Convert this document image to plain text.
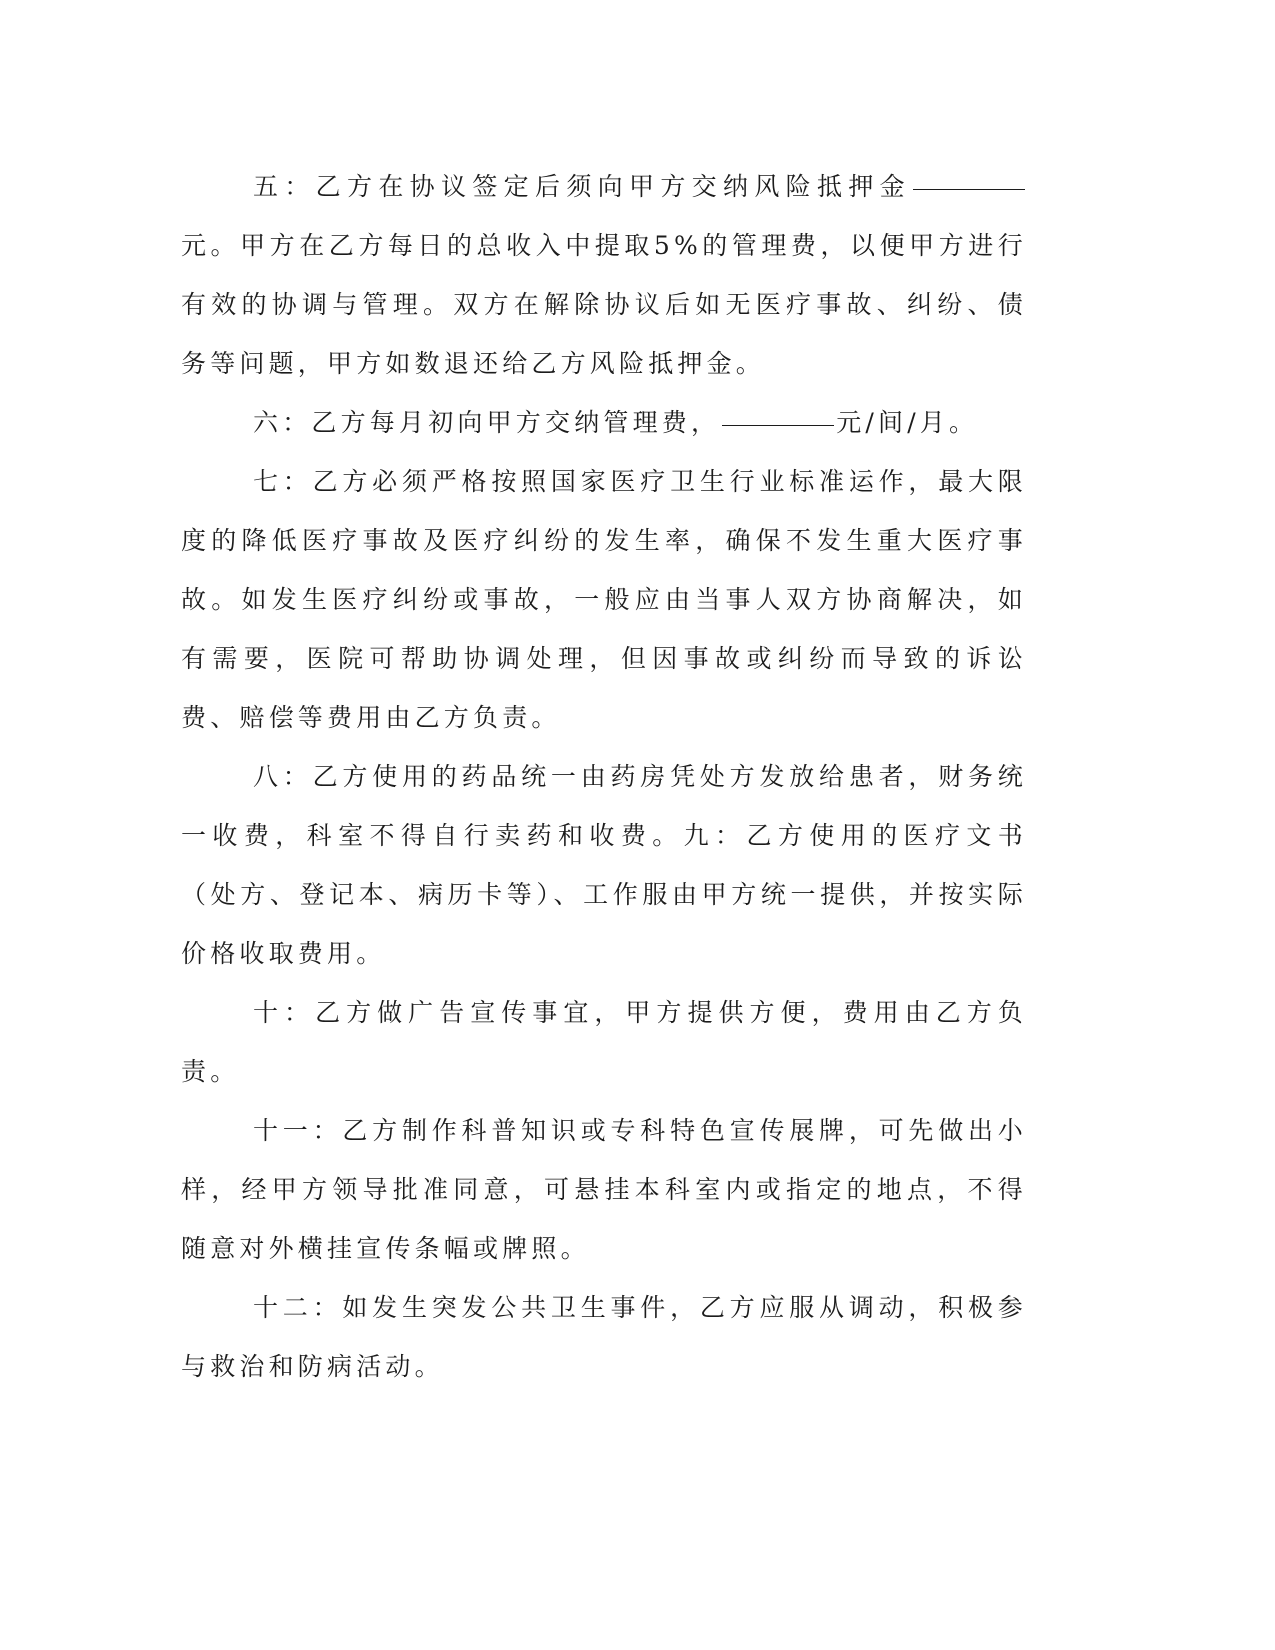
五：乙方在协议签定后须向甲方交纳风险抵押金元。甲方在乙方每日的总收入中提取5%的管理费，以便甲方进行有效的协调与管理。双方在解除协议后如无医疗事故、纠纷、债务等问题，甲方如数退还给乙方风险抵押金。

六：乙方每月初向甲方交纳管理费，	元/间/月。

七：乙方必须严格按照国家医疗卫生行业标准运作，最大限度的降低医疗事故及医疗纠纷的发生率，确保不发生重大医疗事故。如发生医疗纠纷或事故，一般应由当事人双方协商解决，如有需要，医院可帮助协调处理，但因事故或纠纷而导致的诉讼费、赔偿等费用由乙方负责。

八：乙方使用的药品统一由药房凭处方发放给患者，财务统一收费，科室不得自行卖药和收费。九：乙方使用的医疗文书（处方、登记本、病历卡等）、工作服由甲方统一提供，并按实际价格收取费用。

十：乙方做广告宣传事宜，甲方提供方便，费用由乙方负责。

十一：乙方制作科普知识或专科特色宣传展牌，可先做出小样，经甲方领导批准同意，可悬挂本科室内或指定的地点，不得随意对外横挂宣传条幅或牌照。

十二：如发生突发公共卫生事件，乙方应服从调动，积极参与救治和防病活动。
